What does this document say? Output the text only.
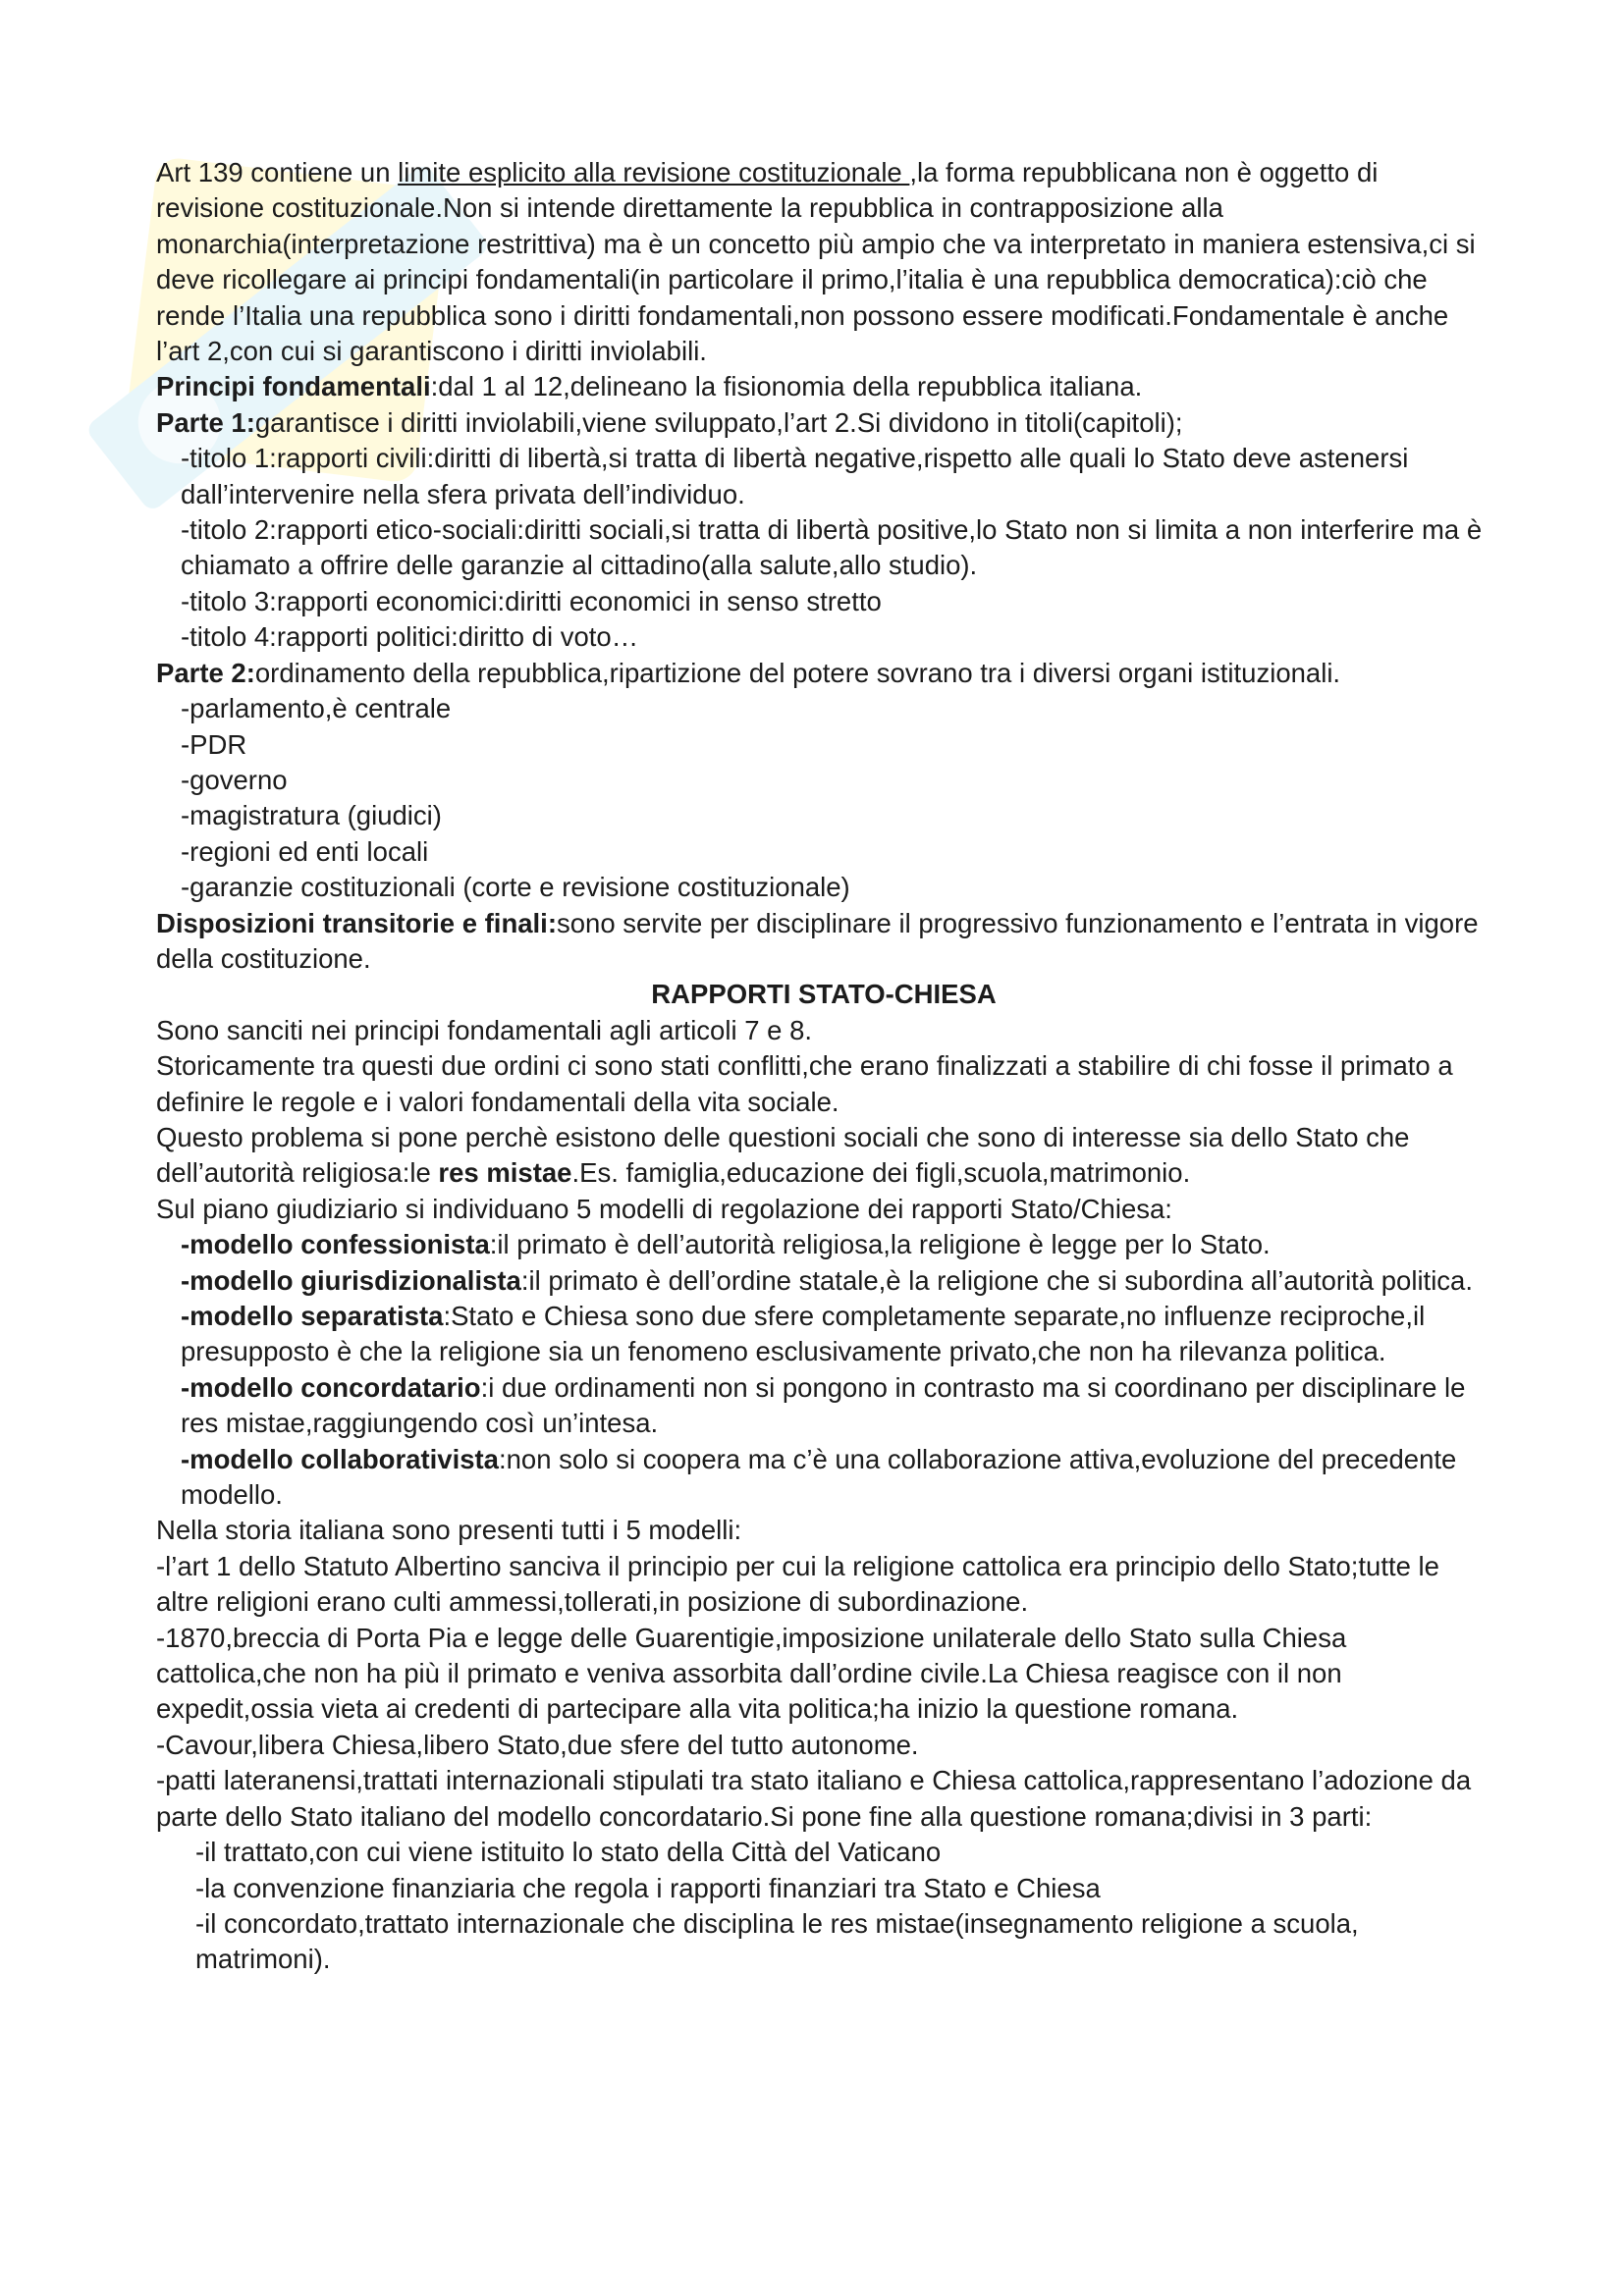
Art 139 contiene un limite esplicito alla revisione costituzionale ,la forma repubblicana non è oggetto di revisione costituzionale.Non si intende direttamente la repubblica in contrapposizione alla monarchia(interpretazione restrittiva) ma è un concetto più ampio che va interpretato in maniera estensiva,ci si deve ricollegare ai principi fondamentali(in particolare il primo,l’italia è una repubblica democratica):ciò che rende l’Italia una repubblica sono i diritti fondamentali,non possono essere modificati.Fondamentale è anche l’art 2,con cui si garantiscono i diritti inviolabili.

Principi fondamentali:dal 1 al 12,delineano la fisionomia della repubblica italiana.

Parte 1:garantisce i diritti inviolabili,viene sviluppato,l’art 2.Si dividono in titoli(capitoli);

-titolo 1:rapporti civili:diritti di libertà,si tratta di libertà negative,rispetto alle quali lo Stato deve astenersi dall’intervenire nella sfera privata dell’individuo.

-titolo 2:rapporti etico-sociali:diritti sociali,si tratta di libertà positive,lo Stato non si limita a non interferire ma è chiamato a offrire delle garanzie al cittadino(alla salute,allo studio).

-titolo 3:rapporti economici:diritti economici in senso stretto

-titolo 4:rapporti politici:diritto di voto…

Parte 2:ordinamento della repubblica,ripartizione del potere sovrano tra i diversi organi istituzionali.

-parlamento,è centrale

-PDR

-governo

-magistratura (giudici)

-regioni ed enti locali

-garanzie costituzionali (corte e revisione costituzionale)

Disposizioni transitorie e finali:sono servite per disciplinare il progressivo funzionamento e l’entrata in vigore della costituzione.

RAPPORTI STATO-CHIESA

Sono sanciti nei principi fondamentali agli articoli 7 e 8.

Storicamente tra questi due ordini ci sono stati conflitti,che erano finalizzati a stabilire di chi fosse il primato a definire le regole e i valori fondamentali della vita sociale.

Questo problema si pone perchè esistono delle questioni sociali che sono di interesse sia dello Stato che dell’autorità religiosa:le res mistae.Es. famiglia,educazione dei figli,scuola,matrimonio.

Sul piano giudiziario si individuano 5 modelli di regolazione dei rapporti Stato/Chiesa:

-modello confessionista:il primato è dell’autorità religiosa,la religione è legge per lo Stato.

-modello giurisdizionalista:il primato è dell’ordine statale,è la religione che si subordina all’autorità politica.

-modello separatista:Stato e Chiesa sono due sfere completamente separate,no influenze reciproche,il presupposto è che la religione sia un fenomeno esclusivamente privato,che non ha rilevanza politica.

-modello concordatario:i due ordinamenti non si pongono in contrasto ma si coordinano per disciplinare le res mistae,raggiungendo così un’intesa.

-modello collaborativista:non solo si coopera ma c’è una collaborazione attiva,evoluzione del precedente modello.

Nella storia italiana sono presenti tutti i 5 modelli:

-l’art 1 dello Statuto Albertino sanciva il principio per cui la religione cattolica era principio dello Stato;tutte le altre religioni erano culti ammessi,tollerati,in posizione di subordinazione.

-1870,breccia di Porta Pia e legge delle Guarentigie,imposizione unilaterale dello Stato sulla Chiesa cattolica,che non ha più il primato e veniva assorbita dall’ordine civile.La Chiesa reagisce con il non expedit,ossia vieta ai credenti di partecipare alla vita politica;ha inizio la questione romana.

-Cavour,libera Chiesa,libero Stato,due sfere del tutto autonome.

-patti lateranensi,trattati internazionali stipulati tra stato italiano e Chiesa cattolica,rappresentano l’adozione da parte dello Stato italiano del modello concordatario.Si pone fine alla questione romana;divisi in 3 parti:

-il trattato,con cui viene istituito lo stato della Città del Vaticano

-la convenzione finanziaria che regola i rapporti finanziari tra Stato e Chiesa

-il concordato,trattato internazionale che disciplina le res mistae(insegnamento religione a scuola, matrimoni).
